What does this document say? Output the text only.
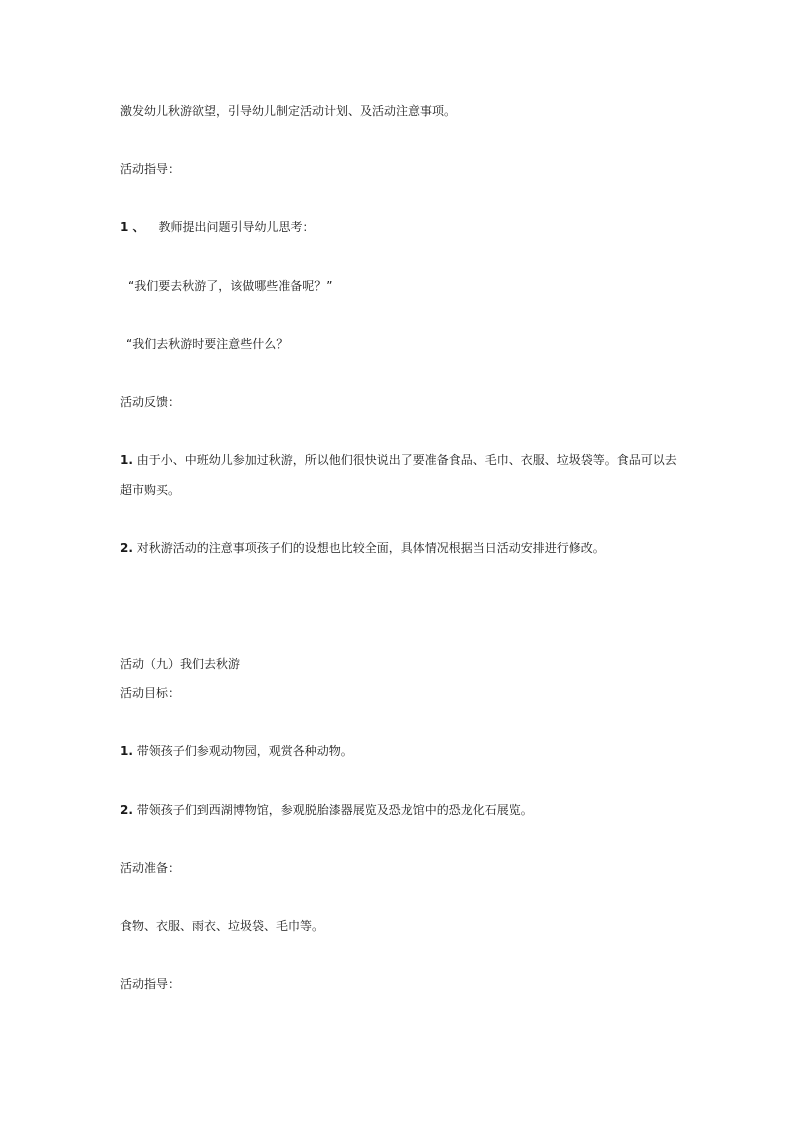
激发幼儿秋游欲望，引导幼儿制定活动计划、及活动注意事项。
活动指导：
1 、 教师提出问题引导幼儿思考：
“我们要去秋游了，该做哪些准备呢？”
“我们去秋游时要注意些什么？
活动反馈：
1. 由于小、中班幼儿参加过秋游，所以他们很快说出了要准备食品、毛巾、衣服、垃圾袋等。食品可以去
超市购买。
2. 对秋游活动的注意事项孩子们的设想也比较全面，具体情况根据当日活动安排进行修改。
活动（九）我们去秋游
活动目标：
1. 带领孩子们参观动物园，观赏各种动物。
2. 带领孩子们到西湖博物馆，参观脱胎漆器展览及恐龙馆中的恐龙化石展览。
活动准备：
食物、衣服、雨衣、垃圾袋、毛巾等。
活动指导：
